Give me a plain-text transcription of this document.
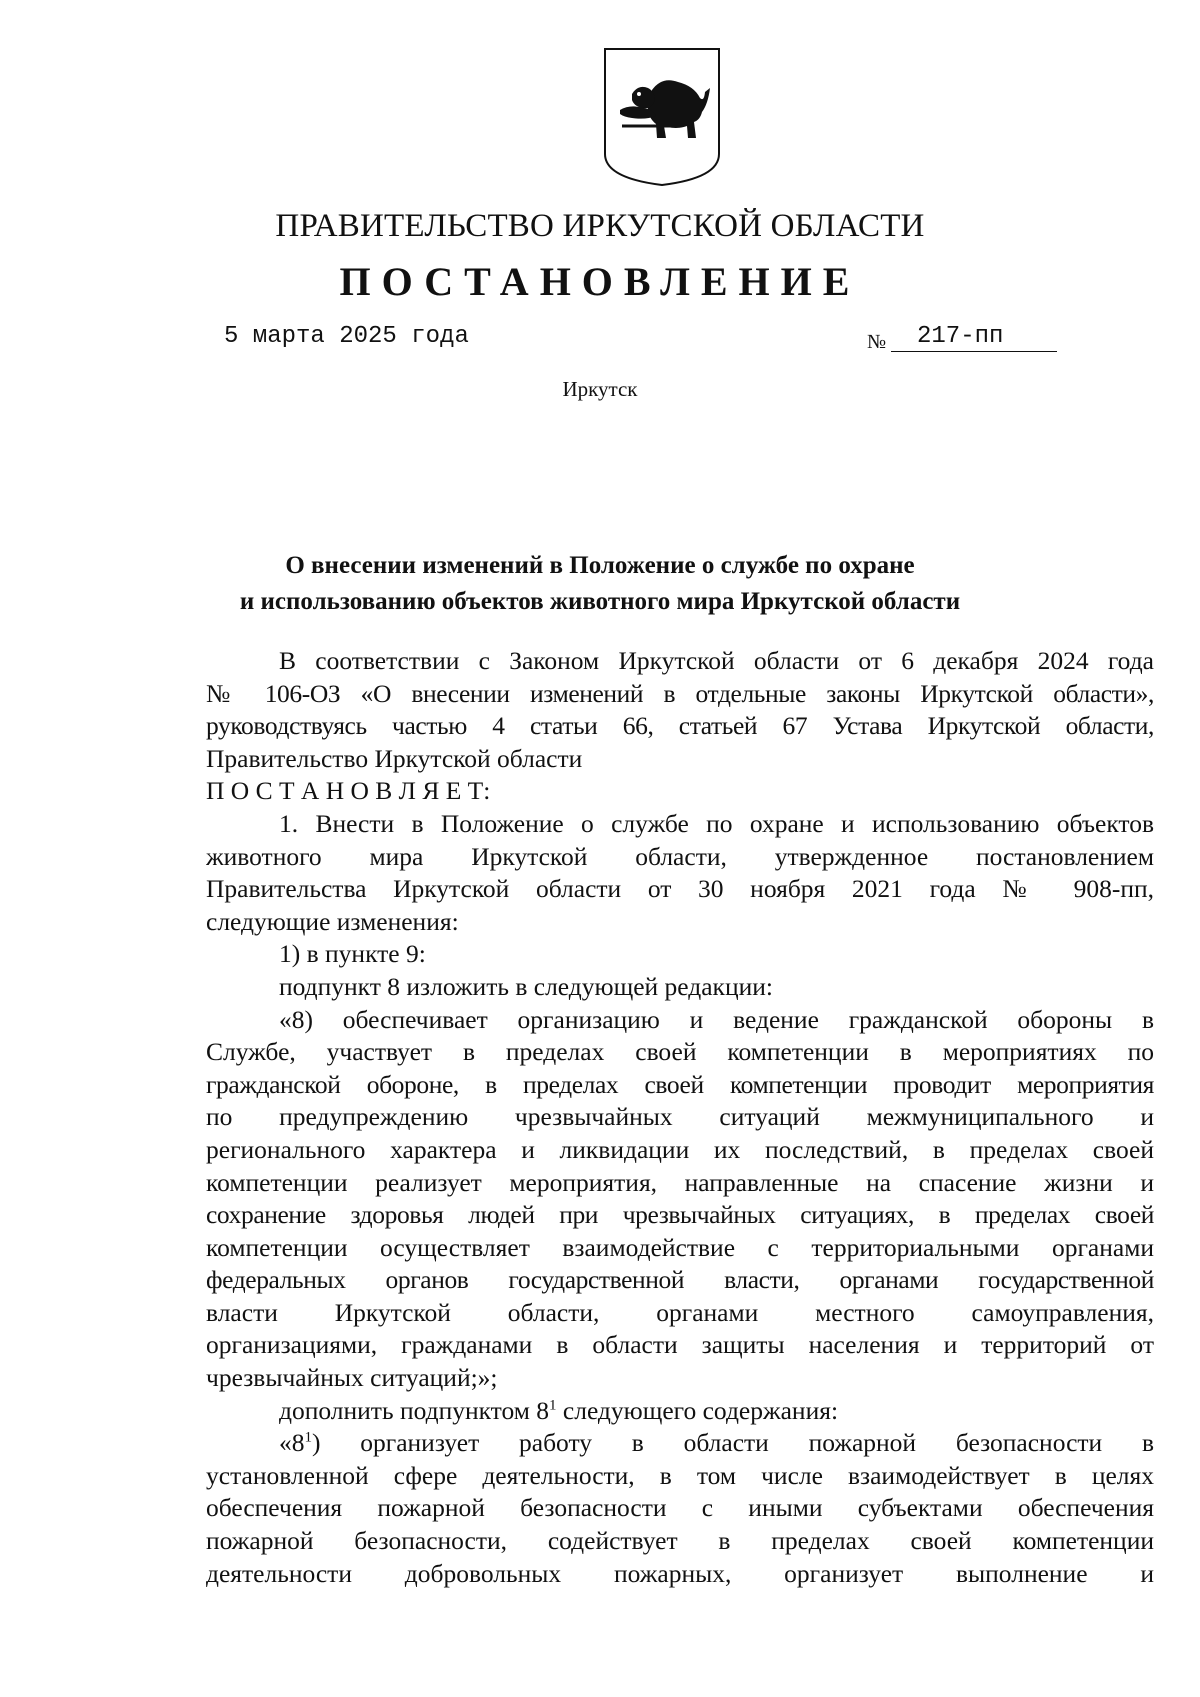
ПРАВИТЕЛЬСТВО ИРКУТСКОЙ ОБЛАСТИ
ПОСТАНОВЛЕНИЕ
5 марта 2025 года	№	217-пп
Иркутск
О внесении изменений в Положение о службе по охране
и использованию объектов животного мира Иркутской области
В соответствии с Законом Иркутской области от 6 декабря 2024 года
№ 106-ОЗ «О внесении изменений в отдельные законы Иркутской области»,
руководствуясь частью 4 статьи 66, статьей 67 Устава Иркутской области,
Правительство Иркутской области
П О С Т А Н О В Л Я Е Т:
1. Внести в Положение о службе по охране и использованию объектов
животного мира Иркутской области, утвержденное постановлением
Правительства Иркутской области от 30 ноября 2021 года № 908-пп,
следующие изменения:
1) в пункте 9:
подпункт 8 изложить в следующей редакции:
«8) обеспечивает организацию и ведение гражданской обороны в
Службе, участвует в пределах своей компетенции в мероприятиях по
гражданской обороне, в пределах своей компетенции проводит мероприятия
по предупреждению чрезвычайных ситуаций межмуниципального и
регионального характера и ликвидации их последствий, в пределах своей
компетенции реализует мероприятия, направленные на спасение жизни и
сохранение здоровья людей при чрезвычайных ситуациях, в пределах своей
компетенции осуществляет взаимодействие с территориальными органами
федеральных органов государственной власти, органами государственной
власти Иркутской области, органами местного самоуправления,
организациями, гражданами в области защиты населения и территорий от
чрезвычайных ситуаций;»;
дополнить подпунктом $8^1$ следующего содержания:
«$8^1$) организует работу в области пожарной безопасности в
установленной сфере деятельности, в том числе взаимодействует в целях
обеспечения пожарной безопасности с иными субъектами обеспечения
пожарной безопасности, содействует в пределах своей компетенции
деятельности добровольных пожарных, организует выполнение и
